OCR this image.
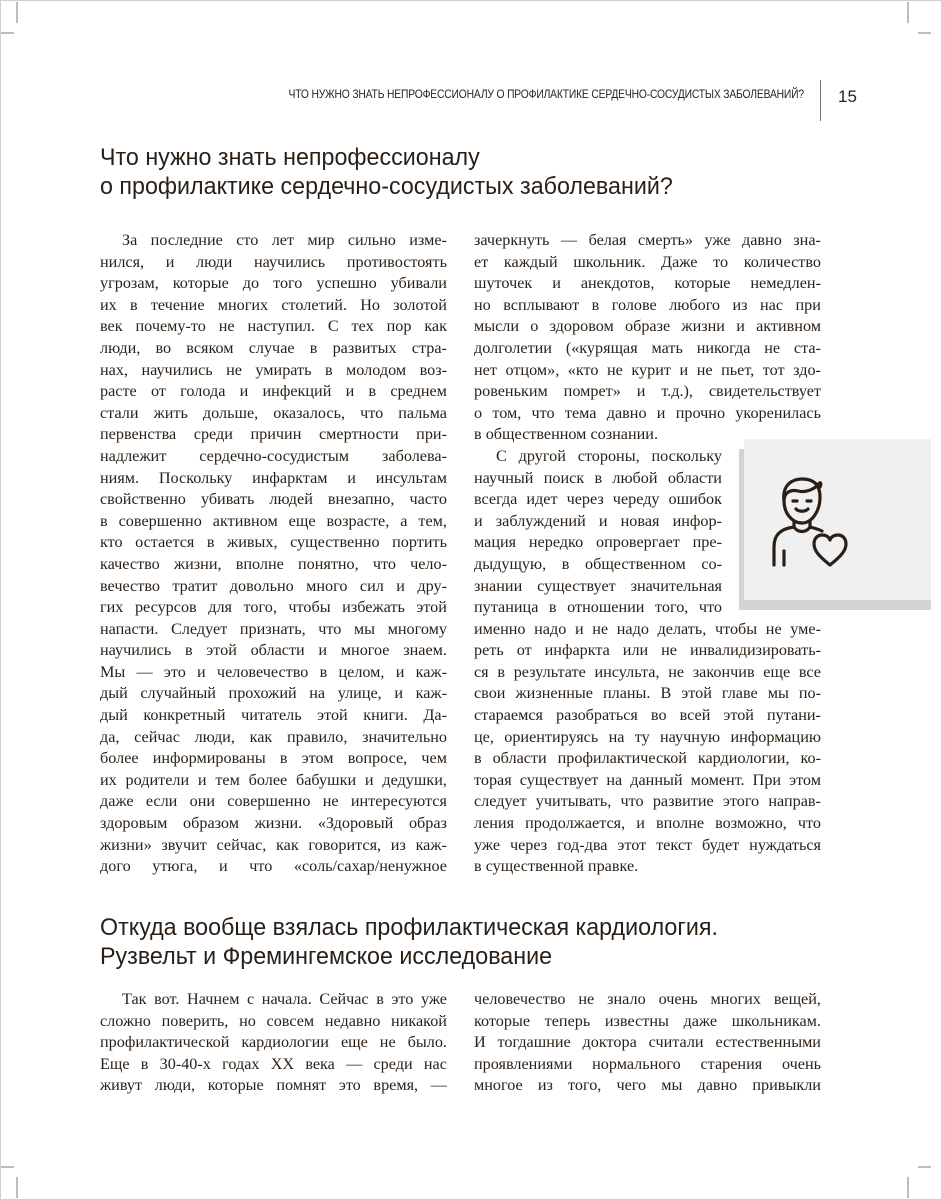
ЧТО НУЖНО ЗНАТЬ НЕПРОФЕССИОНАЛУ О ПРОФИЛАКТИКЕ СЕРДЕЧНО-СОСУДИСТЫХ ЗАБОЛЕВАНИЙ? 15
Что нужно знать непрофессионалу
о профилактике сердечно-сосудистых заболеваний?
За последние сто лет мир сильно изме-
нился, и люди научились противостоять
угрозам, которые до того успешно убивали
их в течение многих столетий. Но золотой
век почему-то не наступил. С тех пор как
люди, во всяком случае в развитых стра-
нах, научились не умирать в молодом воз-
расте от голода и инфекций и в среднем
стали жить дольше, оказалось, что пальма
первенства среди причин смертности при-
надлежит сердечно-сосудистым заболева-
ниям. Поскольку инфарктам и инсультам
свойственно убивать людей внезапно, часто
в совершенно активном еще возрасте, а тем,
кто остается в живых, существенно портить
качество жизни, вполне понятно, что чело-
вечество тратит довольно много сил и дру-
гих ресурсов для того, чтобы избежать этой
напасти. Следует признать, что мы многому
научились в этой области и многое знаем.
Мы — это и человечество в целом, и каж-
дый случайный прохожий на улице, и каж-
дый конкретный читатель этой книги. Да-
да, сейчас люди, как правило, значительно
более информированы в этом вопросе, чем
их родители и тем более бабушки и дедушки,
даже если они совершенно не интересуются
здоровым образом жизни. «Здоровый образ
жизни» звучит сейчас, как говорится, из каж-
дого утюга, и что «соль/сахар/ненужное
зачеркнуть — белая смерть» уже давно зна-
ет каждый школьник. Даже то количество
шуточек и анекдотов, которые немедлен-
но всплывают в голове любого из нас при
мысли о здоровом образе жизни и активном
долголетии («курящая мать никогда не ста-
нет отцом», «кто не курит и не пьет, тот здо-
ровеньким помрет» и т.д.), свидетельствует
о том, что тема давно и прочно укоренилась
в общественном сознании.
С другой стороны, поскольку
научный поиск в любой области
всегда идет через череду ошибок
и заблуждений и новая инфор-
мация нередко опровергает пре-
дыдущую, в общественном со-
знании существует значительная
путаница в отношении того, что
именно надо и не надо делать, чтобы не уме-
реть от инфаркта или не инвалидизировать-
ся в результате инсульта, не закончив еще все
свои жизненные планы. В этой главе мы по-
стараемся разобраться во всей этой путани-
це, ориентируясь на ту научную информацию
в области профилактической кардиологии, ко-
торая существует на данный момент. При этом
следует учитывать, что развитие этого направ-
ления продолжается, и вполне возможно, что
уже через год-два этот текст будет нуждаться
в существенной правке.
Откуда вообще взялась профилактическая кардиология.
Рузвельт и Фремингемское исследование
Так вот. Начнем с начала. Сейчас в это уже
сложно поверить, но совсем недавно никакой
профилактической кардиологии еще не было.
Еще в 30-40-х годах XX века — среди нас
живут люди, которые помнят это время, —
человечество не знало очень многих вещей,
которые теперь известны даже школьникам.
И тогдашние доктора считали естественными
проявлениями нормального старения очень
многое из того, чего мы давно привыкли
